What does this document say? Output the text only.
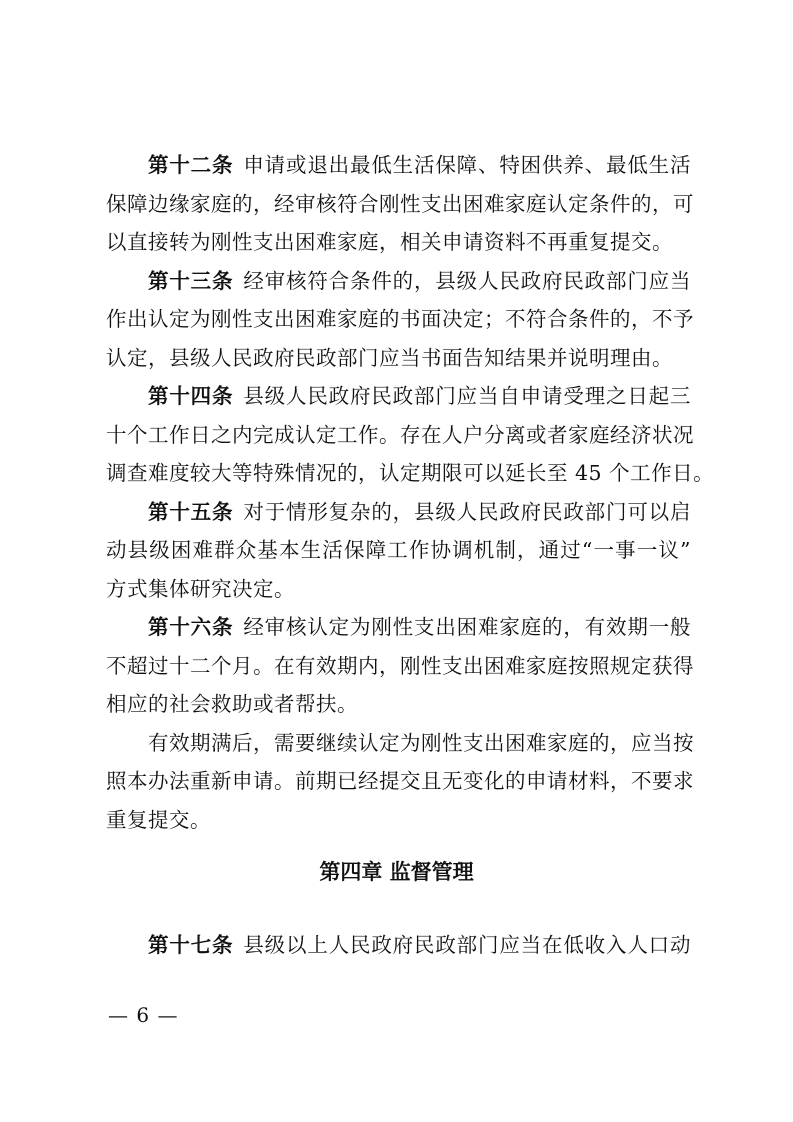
第十二条 申请或退出最低生活保障、特困供养、最低生活
保障边缘家庭的，经审核符合刚性支出困难家庭认定条件的，可
以直接转为刚性支出困难家庭，相关申请资料不再重复提交。
第十三条 经审核符合条件的，县级人民政府民政部门应当
作出认定为刚性支出困难家庭的书面决定；不符合条件的，不予
认定，县级人民政府民政部门应当书面告知结果并说明理由。
第十四条 县级人民政府民政部门应当自申请受理之日起三
十个工作日之内完成认定工作。存在人户分离或者家庭经济状况
调查难度较大等特殊情况的，认定期限可以延长至 45 个工作日。
第十五条 对于情形复杂的，县级人民政府民政部门可以启
动县级困难群众基本生活保障工作协调机制，通过“一事一议”
方式集体研究决定。
第十六条 经审核认定为刚性支出困难家庭的，有效期一般
不超过十二个月。在有效期内，刚性支出困难家庭按照规定获得
相应的社会救助或者帮扶。
有效期满后，需要继续认定为刚性支出困难家庭的，应当按
照本办法重新申请。前期已经提交且无变化的申请材料，不要求
重复提交。
第四章 监督管理
第十七条 县级以上人民政府民政部门应当在低收入人口动
— 6 —
